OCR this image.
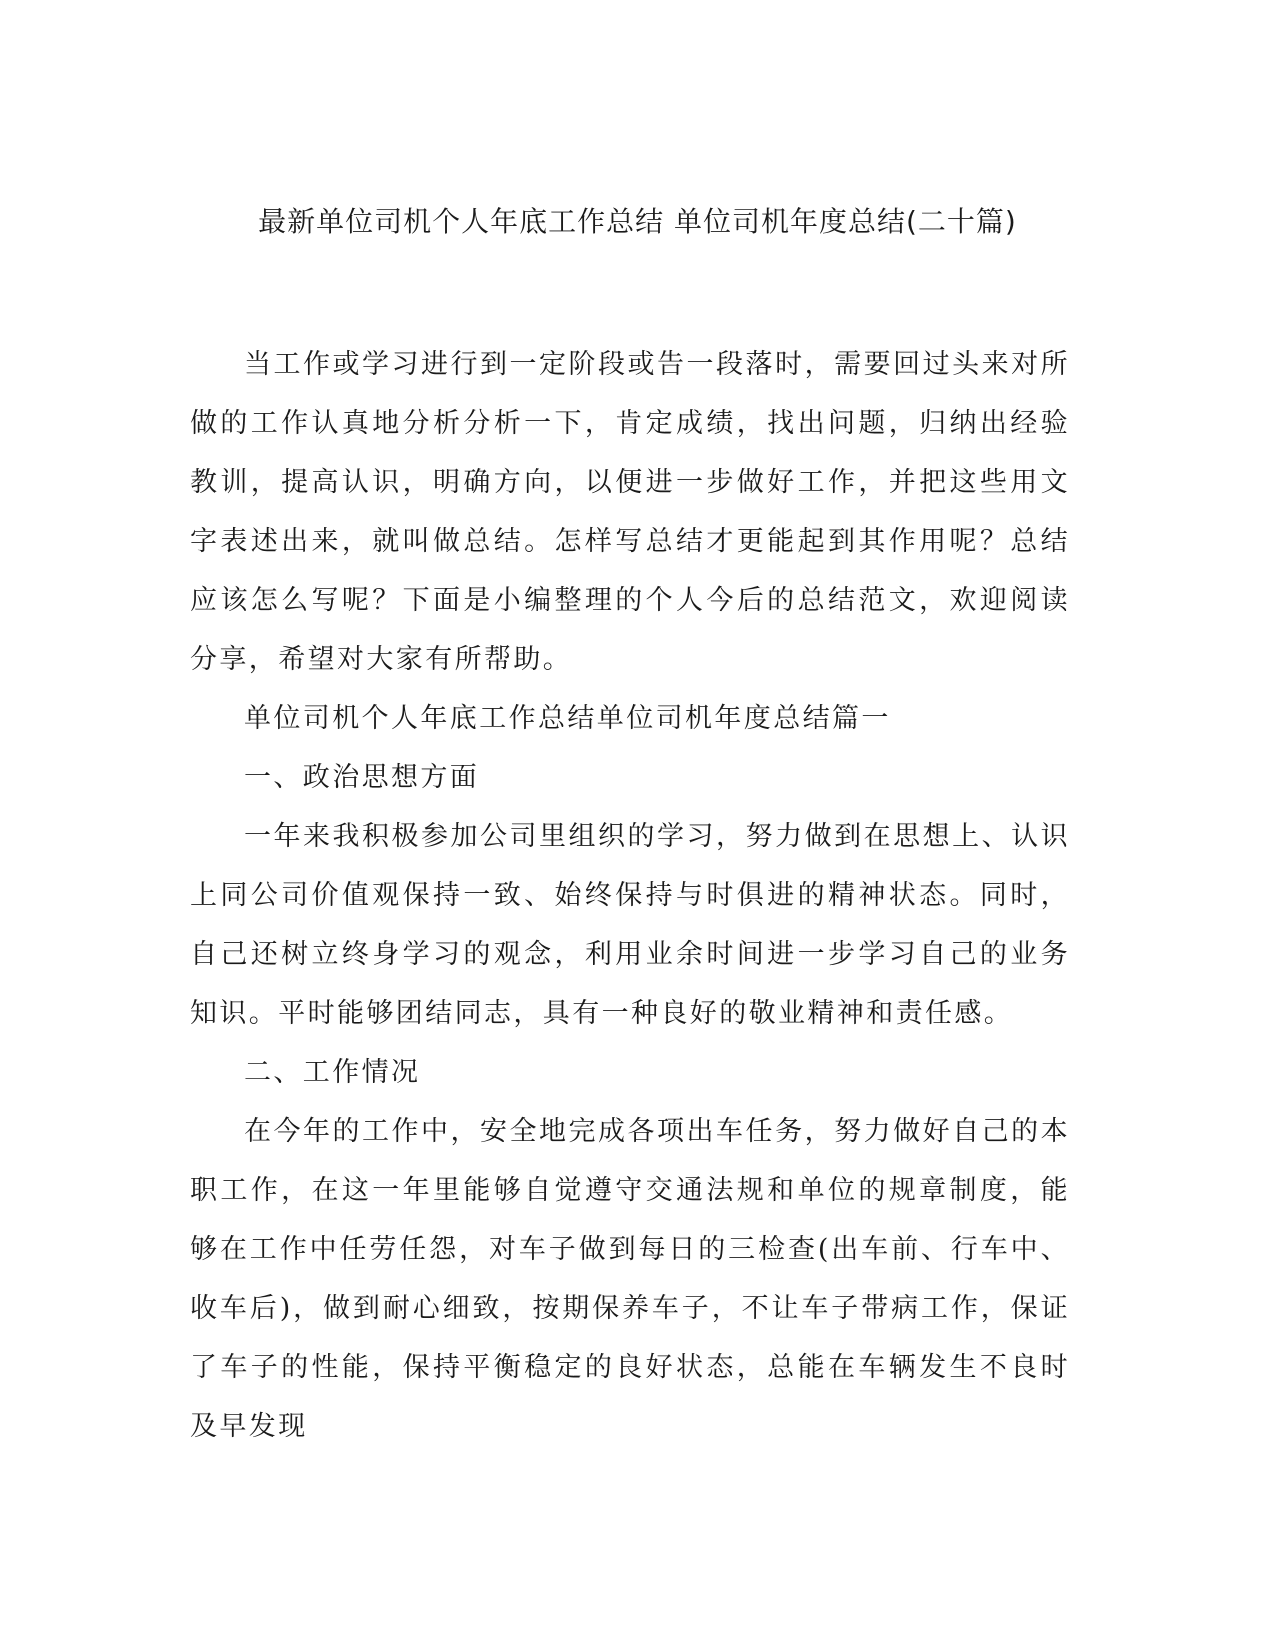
最新单位司机个人年底工作总结 单位司机年度总结(二十篇)

当工作或学习进行到一定阶段或告一段落时，需要回过头来对所做的工作认真地分析分析一下，肯定成绩，找出问题，归纳出经验教训，提高认识，明确方向，以便进一步做好工作，并把这些用文字表述出来，就叫做总结。怎样写总结才更能起到其作用呢？总结应该怎么写呢？下面是小编整理的个人今后的总结范文，欢迎阅读分享，希望对大家有所帮助。

单位司机个人年底工作总结单位司机年度总结篇一

一、政治思想方面

一年来我积极参加公司里组织的学习，努力做到在思想上、认识上同公司价值观保持一致、始终保持与时俱进的精神状态。同时，自己还树立终身学习的观念，利用业余时间进一步学习自己的业务知识。平时能够团结同志，具有一种良好的敬业精神和责任感。

二、工作情况

在今年的工作中，安全地完成各项出车任务，努力做好自己的本职工作，在这一年里能够自觉遵守交通法规和单位的规章制度，能够在工作中任劳任怨，对车子做到每日的三检查(出车前、行车中、收车后)，做到耐心细致，按期保养车子，不让车子带病工作，保证了车子的性能，保持平衡稳定的良好状态，总能在车辆发生不良时及早发现
